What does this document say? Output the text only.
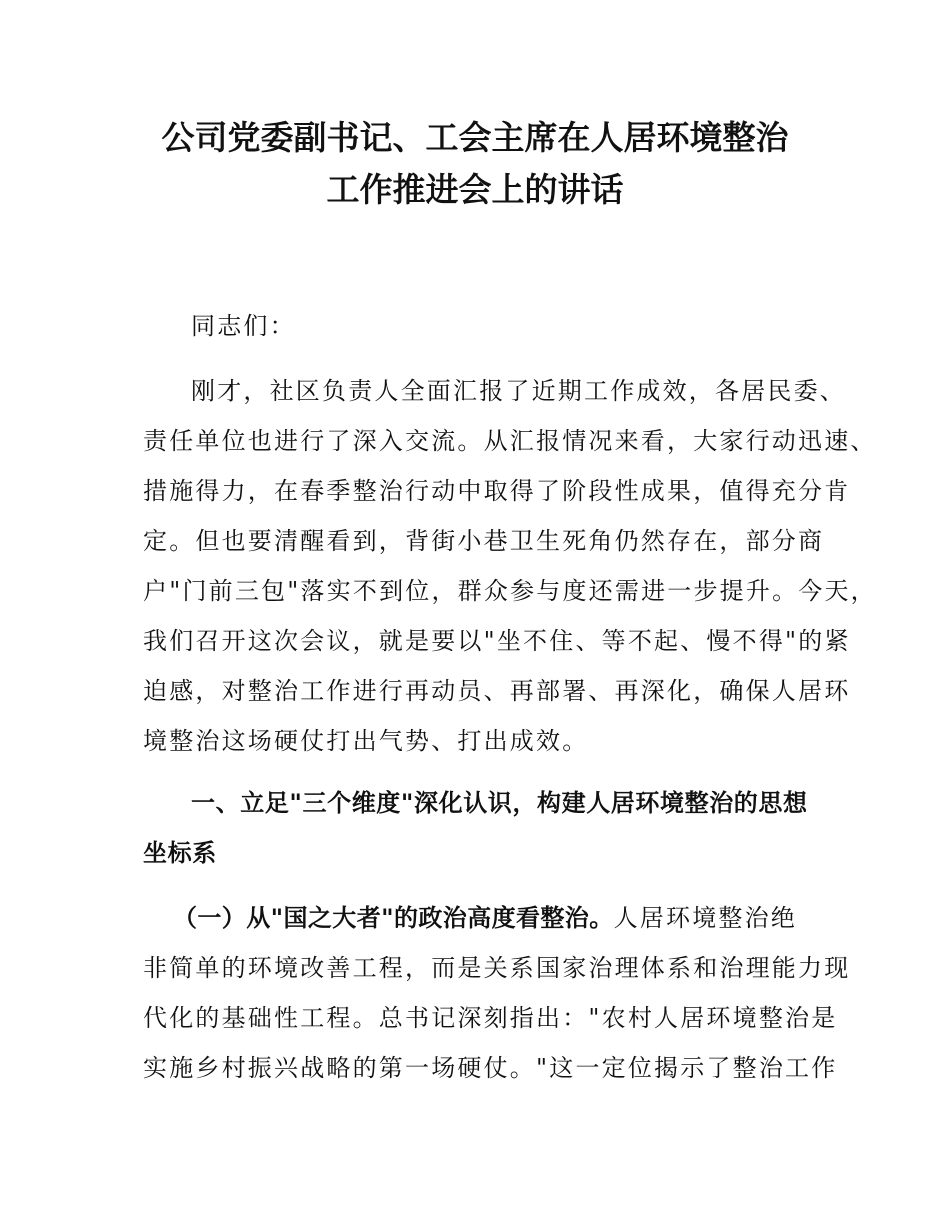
公司党委副书记、工会主席在人居环境整治
工作推进会上的讲话

同志们：

刚才，社区负责人全面汇报了近期工作成效，各居民委、
责任单位也进行了深入交流。从汇报情况来看，大家行动迅速、
措施得力，在春季整治行动中取得了阶段性成果，值得充分肯
定。但也要清醒看到，背街小巷卫生死角仍然存在，部分商
户"门前三包"落实不到位，群众参与度还需进一步提升。今天，
我们召开这次会议，就是要以"坐不住、等不起、慢不得"的紧
迫感，对整治工作进行再动员、再部署、再深化，确保人居环
境整治这场硬仗打出气势、打出成效。

一、立足"三个维度"深化认识，构建人居环境整治的思想
坐标系

（一）从"国之大者"的政治高度看整治。人居环境整治绝
非简单的环境改善工程，而是关系国家治理体系和治理能力现
代化的基础性工程。总书记深刻指出："农村人居环境整治是
实施乡村振兴战略的第一场硬仗。"这一定位揭示了整治工作
